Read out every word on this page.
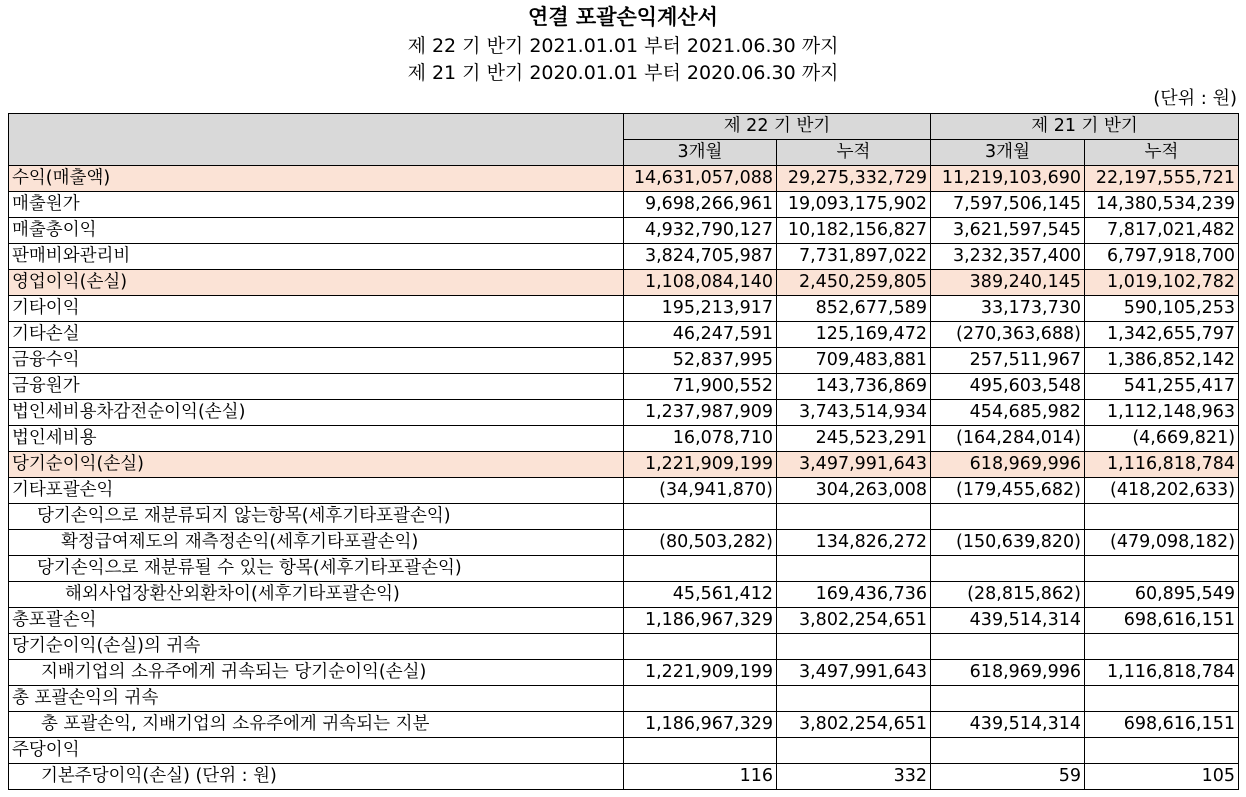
연결 포괄손익계산서
제 22 기 반기 2021.01.01 부터 2021.06.30 까지
제 21 기 반기 2020.01.01 부터 2020.06.30 까지
(단위 : 원)
	제 22 기 반기		제 21 기 반기	
	3개월	누적	3개월	누적
수익(매출액)	14,631,057,088	29,275,332,729	11,219,103,690	22,197,555,721
매출원가	9,698,266,961	19,093,175,902	7,597,506,145	14,380,534,239
매출총이익	4,932,790,127	10,182,156,827	3,621,597,545	7,817,021,482
판매비와관리비	3,824,705,987	7,731,897,022	3,232,357,400	6,797,918,700
영업이익(손실)	1,108,084,140	2,450,259,805	389,240,145	1,019,102,782
기타이익	195,213,917	852,677,589	33,173,730	590,105,253
기타손실	46,247,591	125,169,472	(270,363,688)	1,342,655,797
금융수익	52,837,995	709,483,881	257,511,967	1,386,852,142
금융원가	71,900,552	143,736,869	495,603,548	541,255,417
법인세비용차감전순이익(손실)	1,237,987,909	3,743,514,934	454,685,982	1,112,148,963
법인세비용	16,078,710	245,523,291	(164,284,014)	(4,669,821)
당기순이익(손실)	1,221,909,199	3,497,991,643	618,969,996	1,116,818,784
기타포괄손익	(34,941,870)	304,263,008	(179,455,682)	(418,202,633)
당기손익으로 재분류되지 않는항목(세후기타포괄손익)				
확정급여제도의 재측정손익(세후기타포괄손익)	(80,503,282)	134,826,272	(150,639,820)	(479,098,182)
당기손익으로 재분류될 수 있는 항목(세후기타포괄손익)				
해외사업장환산외환차이(세후기타포괄손익)	45,561,412	169,436,736	(28,815,862)	60,895,549
총포괄손익	1,186,967,329	3,802,254,651	439,514,314	698,616,151
당기순이익(손실)의 귀속				
지배기업의 소유주에게 귀속되는 당기순이익(손실)	1,221,909,199	3,497,991,643	618,969,996	1,116,818,784
총 포괄손익의 귀속				
총 포괄손익, 지배기업의 소유주에게 귀속되는 지분	1,186,967,329	3,802,254,651	439,514,314	698,616,151
주당이익				
기본주당이익(손실) (단위 : 원)	116	332	59	105
